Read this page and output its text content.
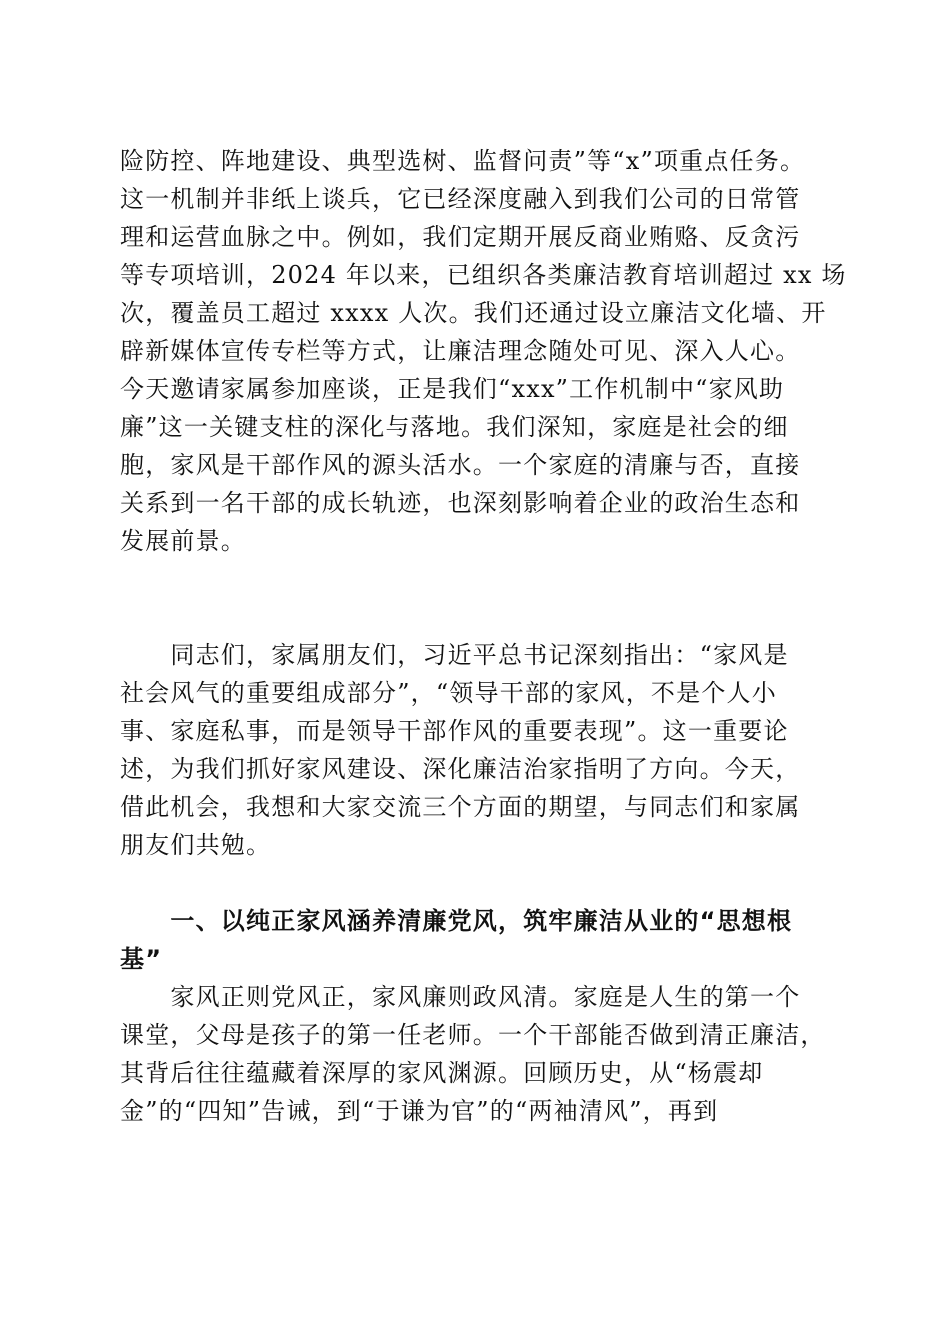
险防控、阵地建设、典型选树、监督问责”等“x”项重点任务。
这一机制并非纸上谈兵，它已经深度融入到我们公司的日常管
理和运营血脉之中。例如，我们定期开展反商业贿赂、反贪污
等专项培训，2024 年以来，已组织各类廉洁教育培训超过 xx 场
次，覆盖员工超过 xxxx 人次。我们还通过设立廉洁文化墙、开
辟新媒体宣传专栏等方式，让廉洁理念随处可见、深入人心。
今天邀请家属参加座谈，正是我们“xxx”工作机制中“家风助
廉”这一关键支柱的深化与落地。我们深知，家庭是社会的细
胞，家风是干部作风的源头活水。一个家庭的清廉与否，直接
关系到一名干部的成长轨迹，也深刻影响着企业的政治生态和
发展前景。
　　同志们，家属朋友们，习近平总书记深刻指出：“家风是
社会风气的重要组成部分”，“领导干部的家风，不是个人小
事、家庭私事，而是领导干部作风的重要表现”。这一重要论
述，为我们抓好家风建设、深化廉洁治家指明了方向。今天，
借此机会，我想和大家交流三个方面的期望，与同志们和家属
朋友们共勉。
　　一、以纯正家风涵养清廉党风，筑牢廉洁从业的“思想根
基”
　　家风正则党风正，家风廉则政风清。家庭是人生的第一个
课堂，父母是孩子的第一任老师。一个干部能否做到清正廉洁，
其背后往往蕴藏着深厚的家风渊源。回顾历史，从“杨震却
金”的“四知”告诫，到“于谦为官”的“两袖清风”，再到
